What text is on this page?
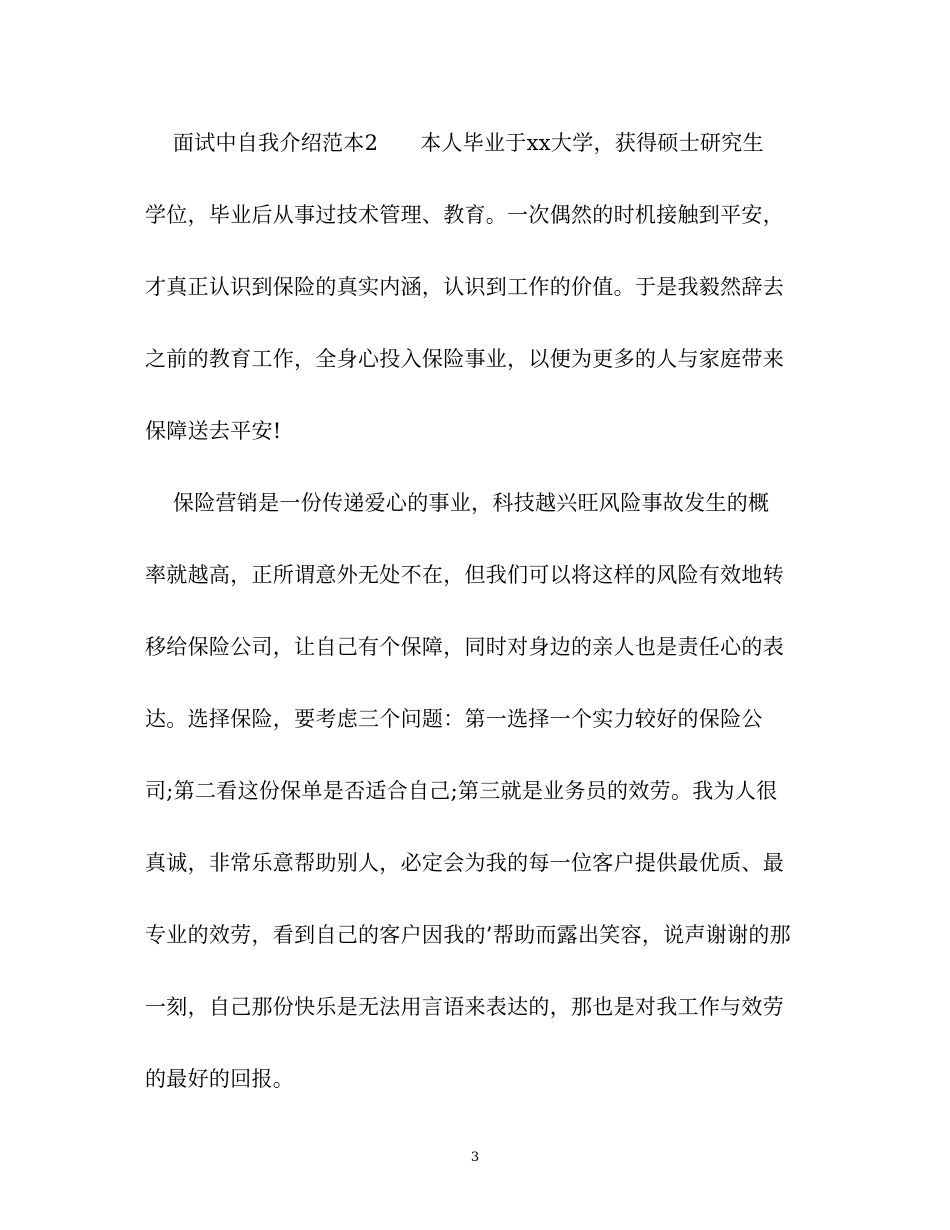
面试中自我介绍范本2      本人毕业于xx大学，获得硕士研究生
学位，毕业后从事过技术管理、教育。一次偶然的时机接触到平安，
才真正认识到保险的真实内涵，认识到工作的价值。于是我毅然辞去
之前的教育工作，全身心投入保险事业，以便为更多的人与家庭带来
保障送去平安!
保险营销是一份传递爱心的事业，科技越兴旺风险事故发生的概
率就越高，正所谓意外无处不在，但我们可以将这样的风险有效地转
移给保险公司，让自己有个保障，同时对身边的亲人也是责任心的表
达。选择保险，要考虑三个问题：第一选择一个实力较好的保险公
司;第二看这份保单是否适合自己;第三就是业务员的效劳。我为人很
真诚，非常乐意帮助别人，必定会为我的每一位客户提供最优质、最
专业的效劳，看到自己的客户因我的’帮助而露出笑容，说声谢谢的那
一刻，自己那份快乐是无法用言语来表达的，那也是对我工作与效劳
的最好的回报。
3
